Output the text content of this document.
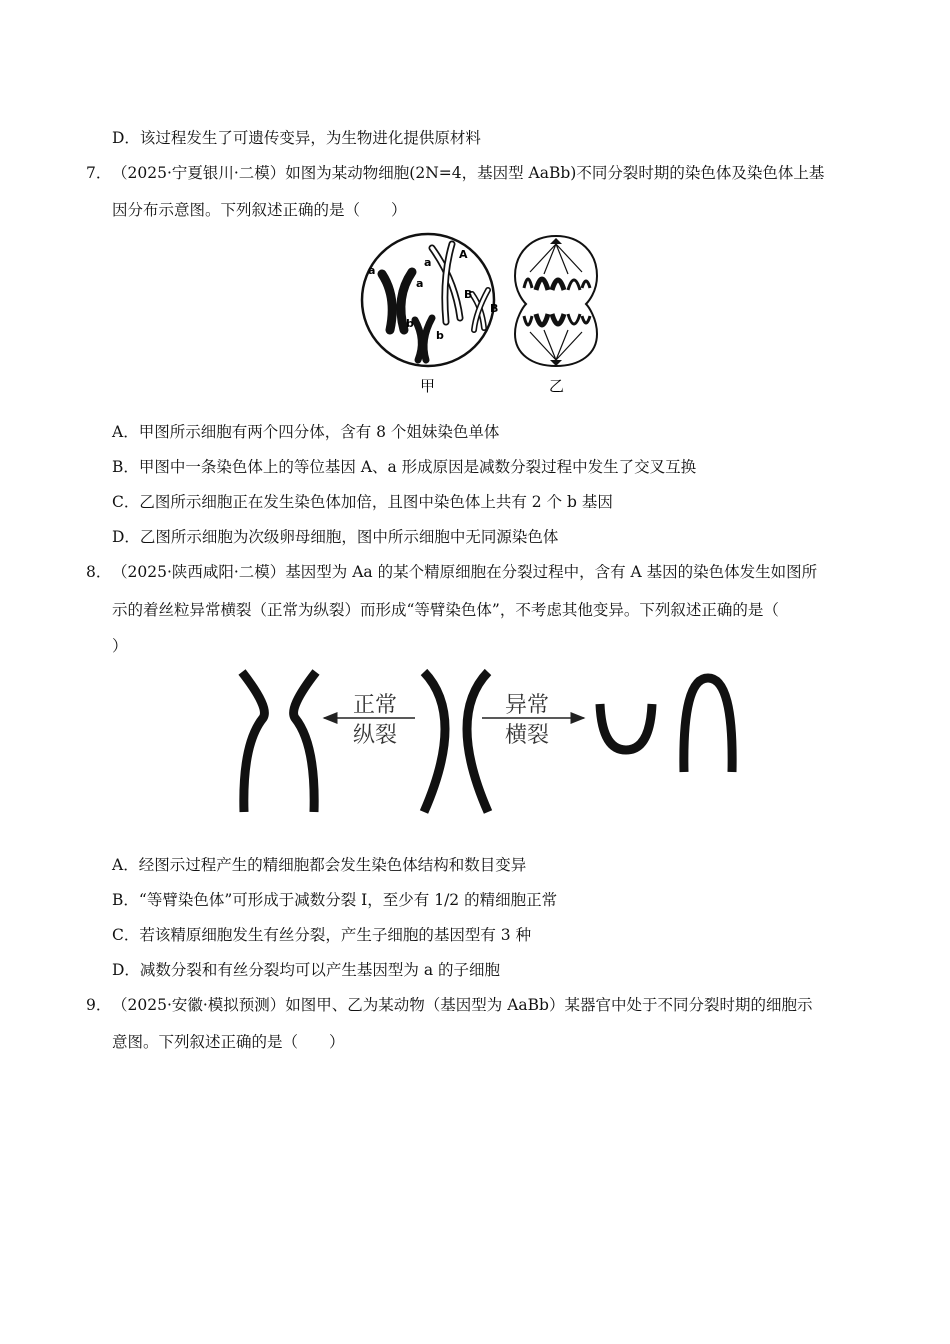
D．该过程发生了可遗传变异，为生物进化提供原材料
7． （2025·宁夏银川·二模）如图为某动物细胞(2N=4，基因型 AaBb)不同分裂时期的染色体及染色体上基
因分布示意图。下列叙述正确的是（　　）
a
a
a
A
B
B
b
b
甲	乙
A．甲图所示细胞有两个四分体，含有 8 个姐妹染色单体
B．甲图中一条染色体上的等位基因 A、a 形成原因是减数分裂过程中发生了交叉互换
C．乙图所示细胞正在发生染色体加倍，且图中染色体上共有 2 个 b 基因
D．乙图所示细胞为次级卵母细胞，图中所示细胞中无同源染色体
8． （2025·陕西咸阳·二模）基因型为 Aa 的某个精原细胞在分裂过程中，含有 A 基因的染色体发生如图所
示的着丝粒异常横裂（正常为纵裂）而形成“等臂染色体”，不考虑其他变异。下列叙述正确的是（
）
正常
纵裂
异常
横裂
A．经图示过程产生的精细胞都会发生染色体结构和数目变异
B．“等臂染色体”可形成于减数分裂 Ⅰ，至少有 1/2 的精细胞正常
C．若该精原细胞发生有丝分裂，产生子细胞的基因型有 3 种
D．减数分裂和有丝分裂均可以产生基因型为 a 的子细胞
9． （2025·安徽·模拟预测）如图甲、乙为某动物（基因型为 AaBb）某器官中处于不同分裂时期的细胞示
意图。下列叙述正确的是（　　）
